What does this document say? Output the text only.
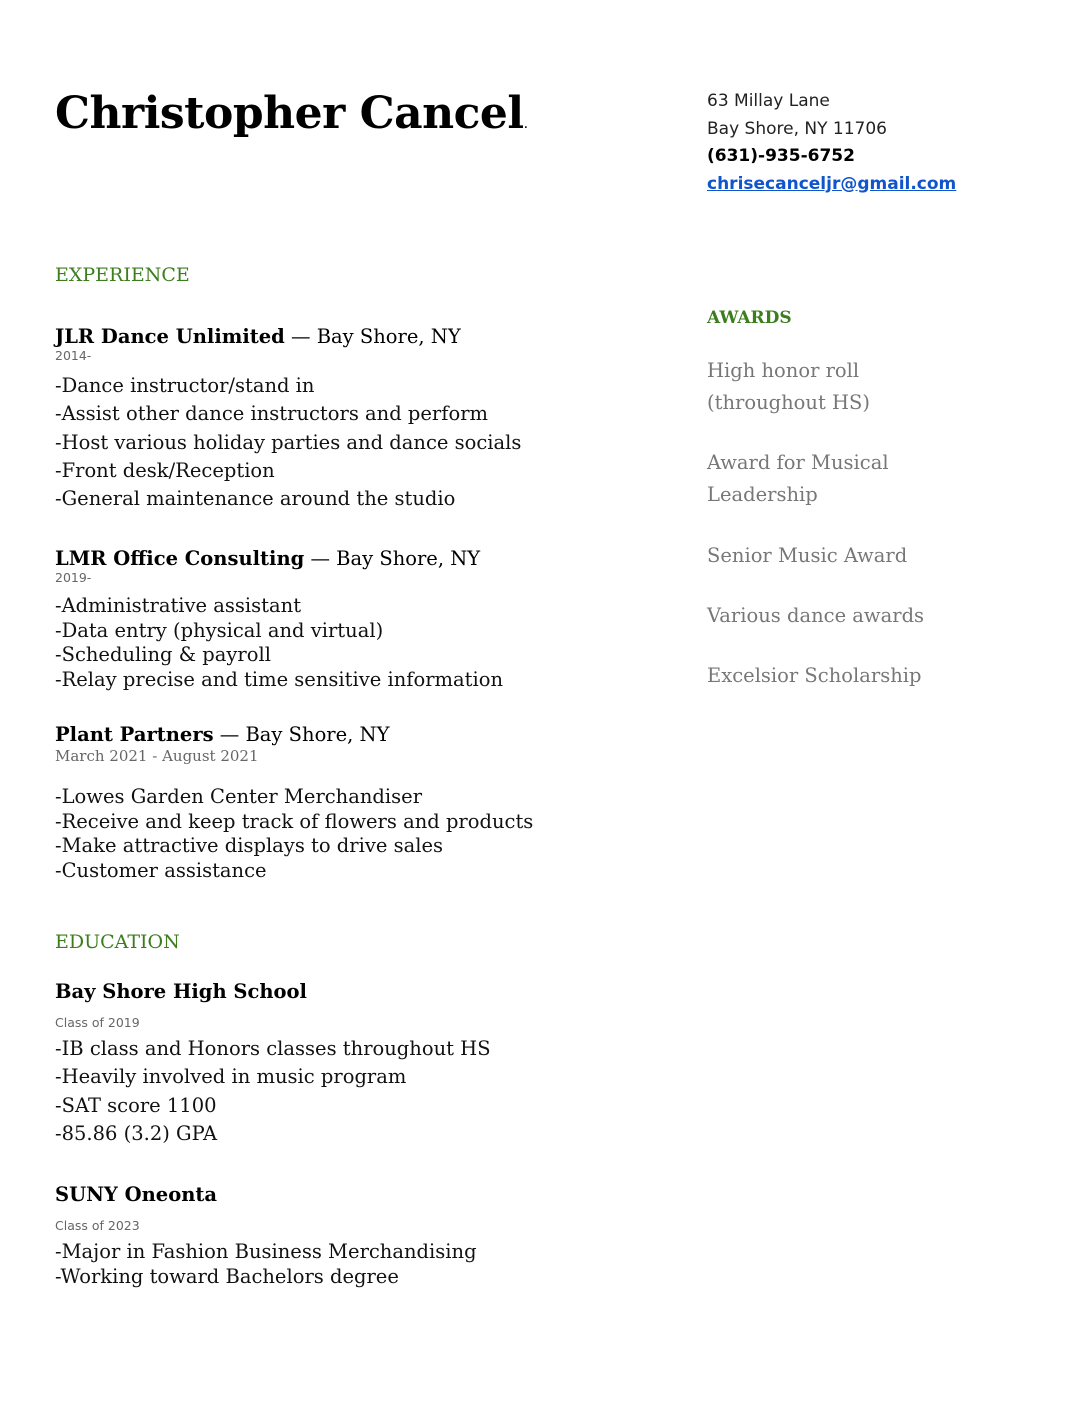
Christopher Cancel.
63 Millay Lane
Bay Shore, NY 11706
(631)-935-6752
chrisecanceljr@gmail.com
EXPERIENCE
JLR Dance Unlimited — Bay Shore, NY
2014-
-Dance instructor/stand in
-Assist other dance instructors and perform
-Host various holiday parties and dance socials
-Front desk/Reception
-General maintenance around the studio
LMR Office Consulting — Bay Shore, NY
2019-
-Administrative assistant
-Data entry (physical and virtual)
-Scheduling & payroll
-Relay precise and time sensitive information
Plant Partners — Bay Shore, NY
March 2021 - August 2021
-Lowes Garden Center Merchandiser
-Receive and keep track of flowers and products
-Make attractive displays to drive sales
-Customer assistance
EDUCATION
Bay Shore High School
Class of 2019
-IB class and Honors classes throughout HS
-Heavily involved in music program
-SAT score 1100
-85.86 (3.2) GPA
SUNY Oneonta
Class of 2023
-Major in Fashion Business Merchandising
-Working toward Bachelors degree
AWARDS
High honor roll
(throughout HS)
Award for Musical
Leadership
Senior Music Award
Various dance awards
Excelsior Scholarship
